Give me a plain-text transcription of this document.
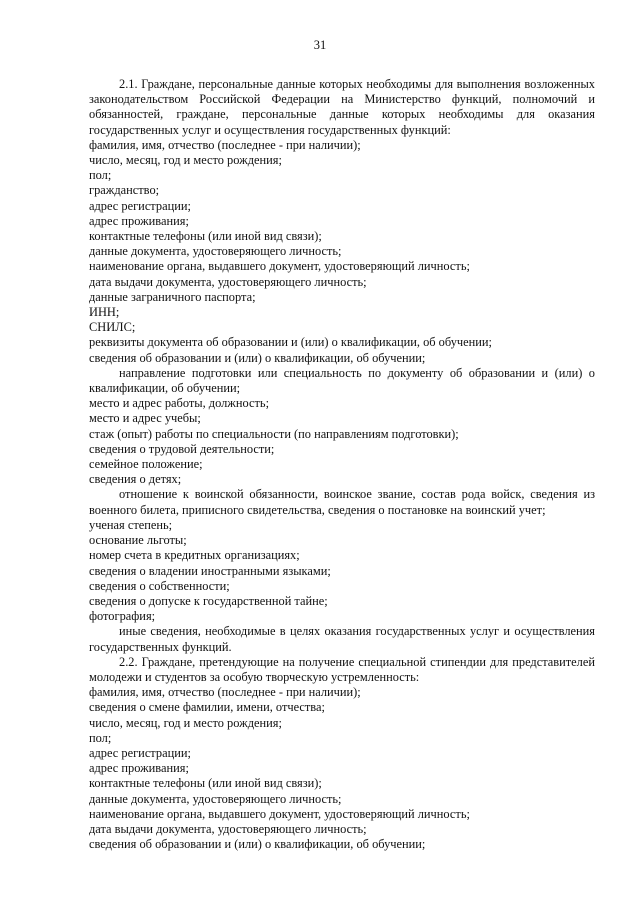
31

2.1. Граждане, персональные данные которых необходимы для выполнения возложенных законодательством Российской Федерации на Министерство функций, полномочий и обязанностей, граждане, персональные данные которых необходимы для оказания государственных услуг и осуществления государственных функций:

фамилия, имя, отчество (последнее - при наличии);

число, месяц, год и место рождения;

пол;

гражданство;

адрес регистрации;

адрес проживания;

контактные телефоны (или иной вид связи);

данные документа, удостоверяющего личность;

наименование органа, выдавшего документ, удостоверяющий личность;

дата выдачи документа, удостоверяющего личность;

данные заграничного паспорта;

ИНН;

СНИЛС;

реквизиты документа об образовании и (или) о квалификации, об обучении;

сведения об образовании и (или) о квалификации, об обучении;

направление подготовки или специальность по документу об образовании и (или) о квалификации, об обучении;

место и адрес работы, должность;

место и адрес учебы;

стаж (опыт) работы по специальности (по направлениям подготовки);

сведения о трудовой деятельности;

семейное положение;

сведения о детях;

отношение к воинской обязанности, воинское звание, состав рода войск, сведения из военного билета, приписного свидетельства, сведения о постановке на воинский учет;

ученая степень;

основание льготы;

номер счета в кредитных организациях;

сведения о владении иностранными языками;

сведения о собственности;

сведения о допуске к государственной тайне;

фотография;

иные сведения, необходимые в целях оказания государственных услуг и осуществления государственных функций.

2.2. Граждане, претендующие на получение специальной стипендии для представителей молодежи и студентов за особую творческую устремленность:

фамилия, имя, отчество (последнее - при наличии);

сведения о смене фамилии, имени, отчества;

число, месяц, год и место рождения;

пол;

адрес регистрации;

адрес проживания;

контактные телефоны (или иной вид связи);

данные документа, удостоверяющего личность;

наименование органа, выдавшего документ, удостоверяющий личность;

дата выдачи документа, удостоверяющего личность;

сведения об образовании и (или) о квалификации, об обучении;
